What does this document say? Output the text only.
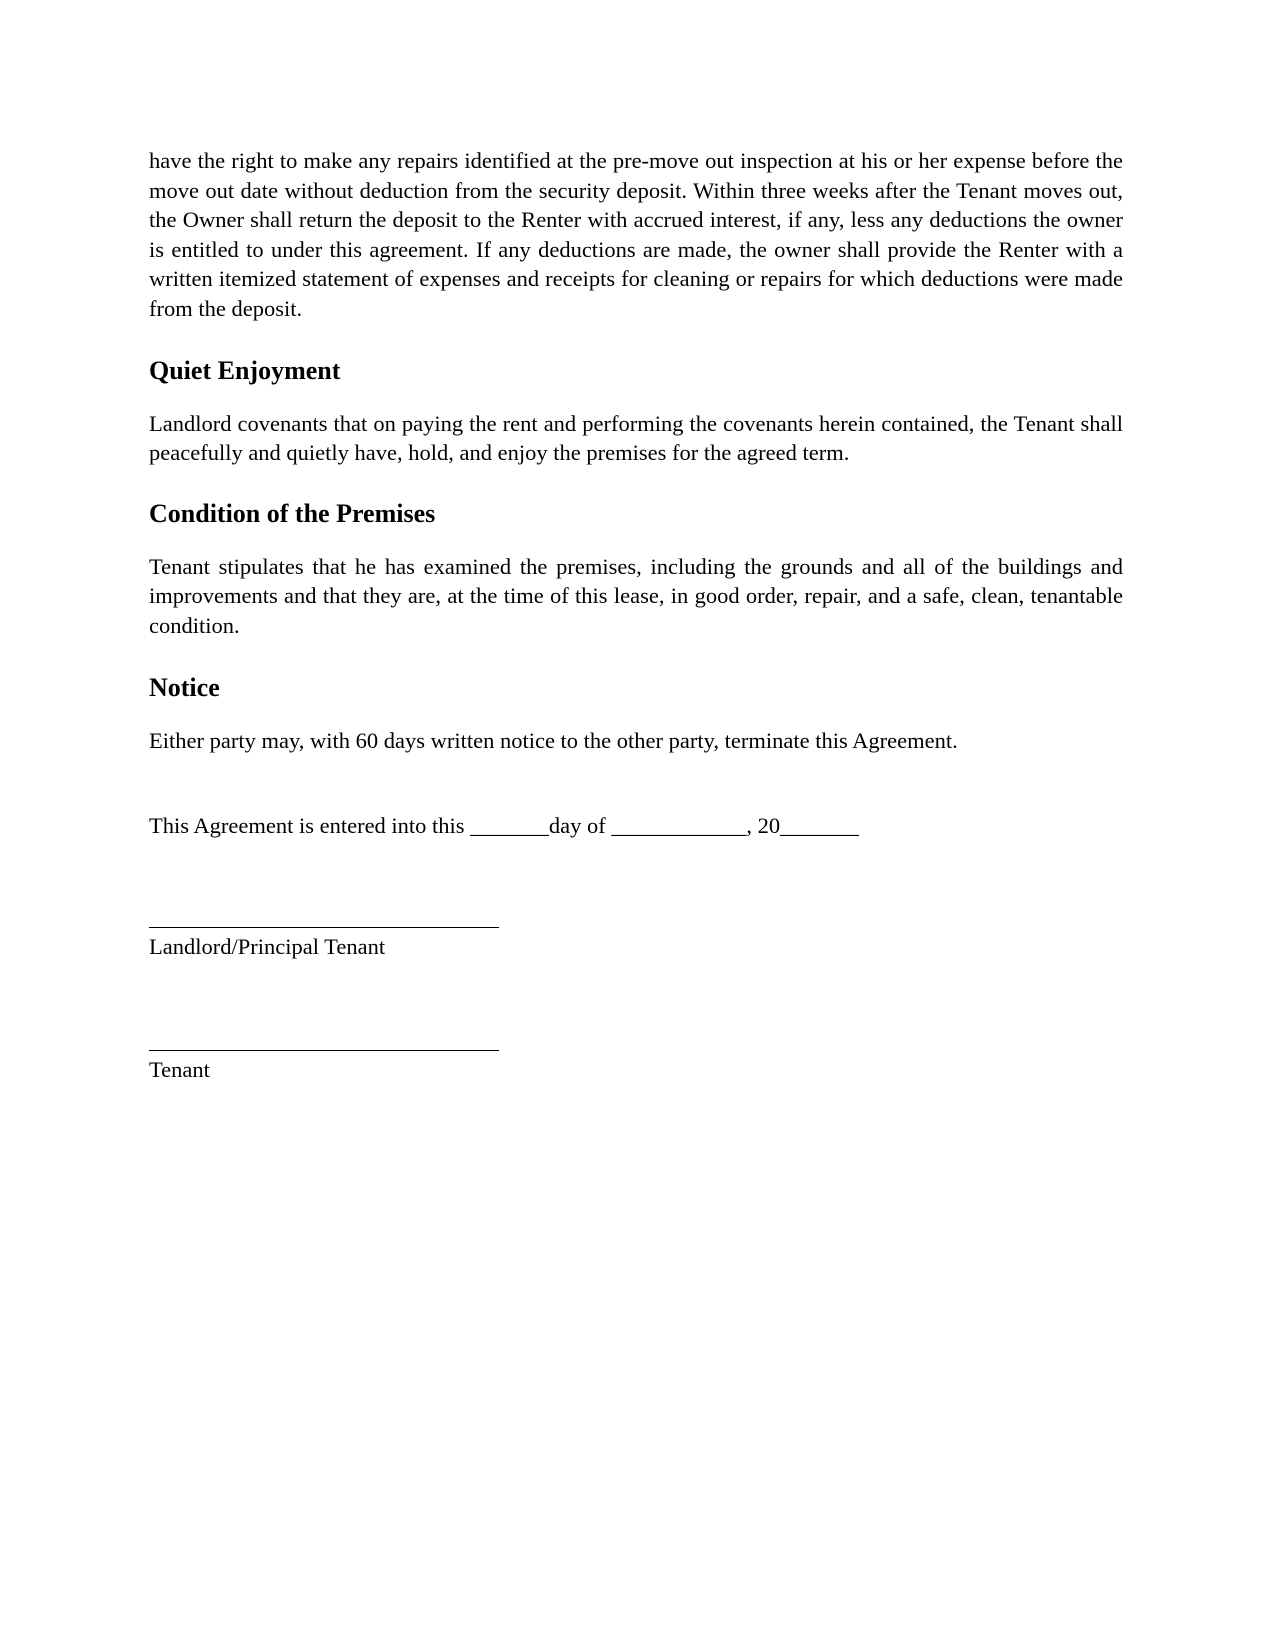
have the right to make any repairs identified at the pre-move out inspection at his or her expense before the move out date without deduction from the security deposit. Within three weeks after the Tenant moves out, the Owner shall return the deposit to the Renter with accrued interest, if any, less any deductions the owner is entitled to under this agreement. If any deductions are made, the owner shall provide the Renter with a written itemized statement of expenses and receipts for cleaning or repairs for which deductions were made from the deposit.

Quiet Enjoyment

Landlord covenants that on paying the rent and performing the covenants herein contained, the Tenant shall peacefully and quietly have, hold, and enjoy the premises for the agreed term.

Condition of the Premises

Tenant stipulates that he has examined the premises, including the grounds and all of the buildings and improvements and that they are, at the time of this lease, in good order, repair, and a safe, clean, tenantable condition.

Notice

Either party may, with 60 days written notice to the other party, terminate this Agreement.

This Agreement is entered into this _______day of ____________, 20_______

Landlord/Principal Tenant
Tenant
